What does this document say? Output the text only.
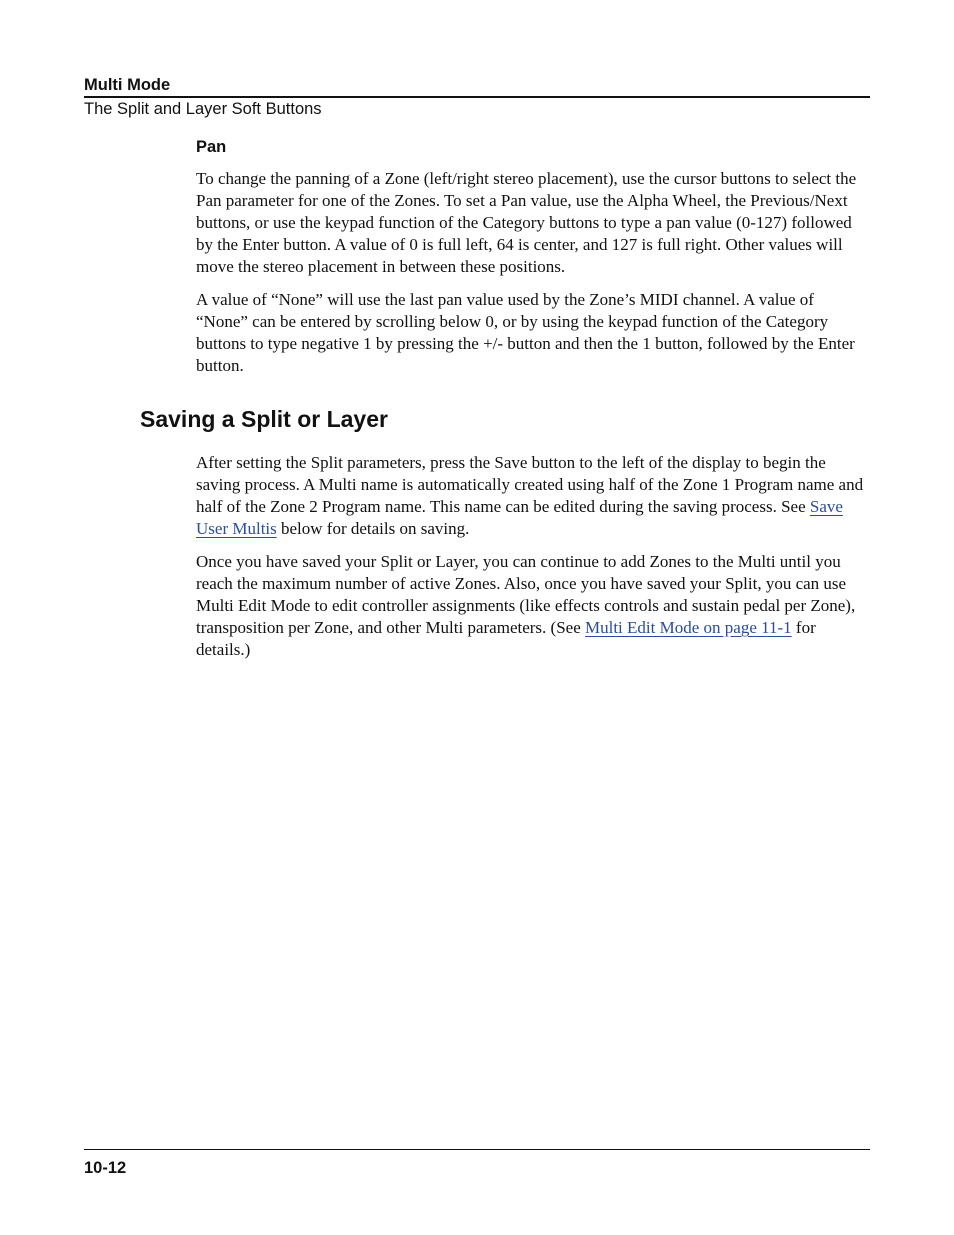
Multi Mode
The Split and Layer Soft Buttons
Pan

To change the panning of a Zone (left/right stereo placement), use the cursor buttons to select the Pan parameter for one of the Zones. To set a Pan value, use the Alpha Wheel, the Previous/Next buttons, or use the keypad function of the Category buttons to type a pan value (0-127) followed by the Enter button. A value of 0 is full left, 64 is center, and 127 is full right. Other values will move the stereo placement in between these positions.

A value of “None” will use the last pan value used by the Zone’s MIDI channel. A value of “None” can be entered by scrolling below 0, or by using the keypad function of the Category buttons to type negative 1 by pressing the +/- button and then the 1 button, followed by the Enter button.

Saving a Split or Layer

After setting the Split parameters, press the Save button to the left of the display to begin the saving process. A Multi name is automatically created using half of the Zone 1 Program name and half of the Zone 2 Program name. This name can be edited during the saving process. See Save User Multis below for details on saving.

Once you have saved your Split or Layer, you can continue to add Zones to the Multi until you reach the maximum number of active Zones. Also, once you have saved your Split, you can use Multi Edit Mode to edit controller assignments (like effects controls and sustain pedal per Zone), transposition per Zone, and other Multi parameters. (See Multi Edit Mode on page 11-1 for details.)

10-12
